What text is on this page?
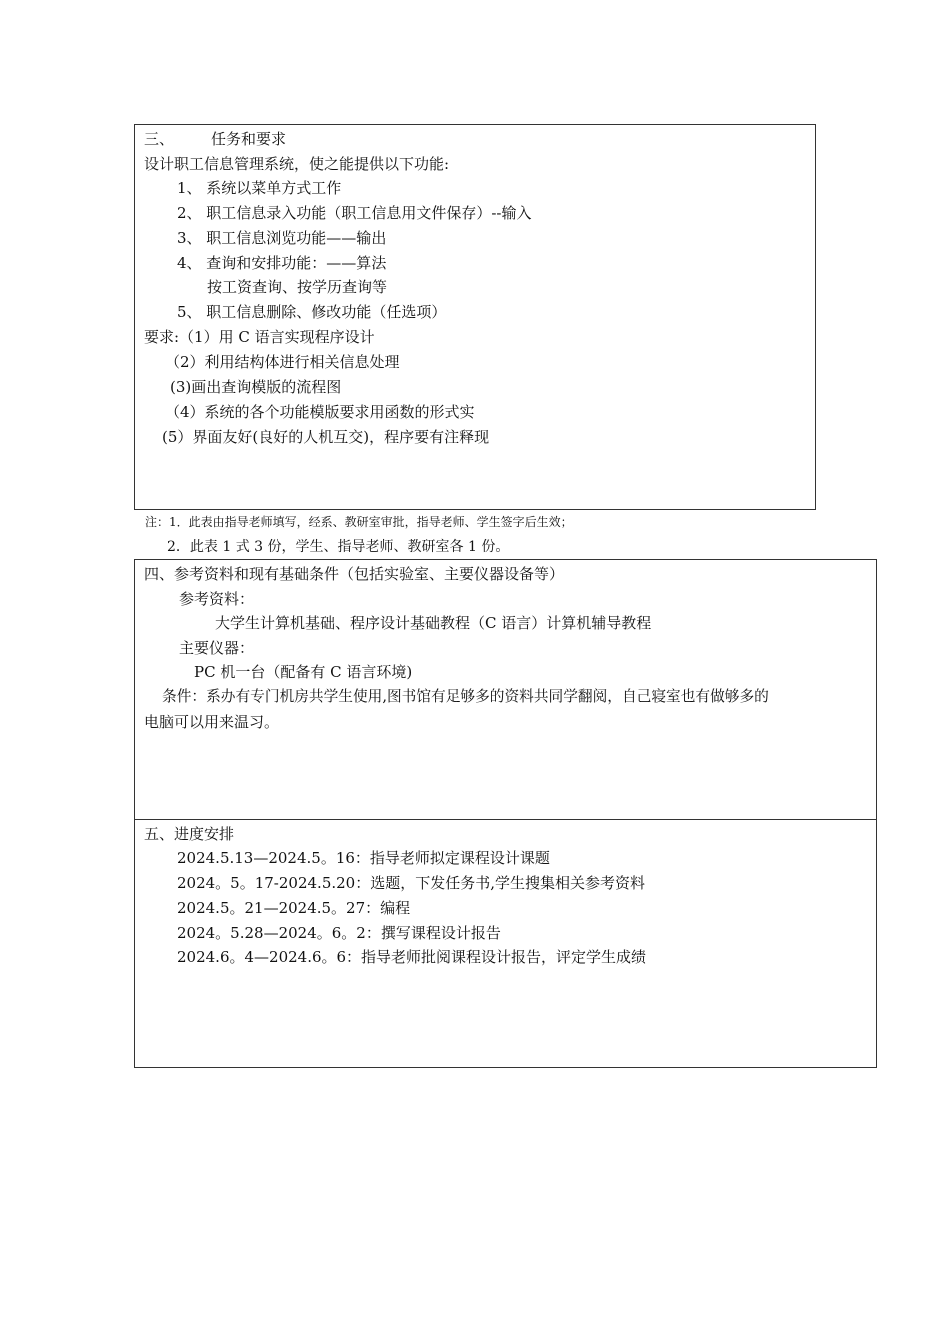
三、 任务和要求
设计职工信息管理系统，使之能提供以下功能:
1、 系统以菜单方式工作
2、 职工信息录入功能（职工信息用文件保存）--输入
3、 职工信息浏览功能——输出
4、 查询和安排功能：——算法
按工资查询、按学历查询等
5、 职工信息删除、修改功能（任选项）
要求:（1）用 C 语言实现程序设计
（2）利用结构体进行相关信息处理
(3)画出查询模版的流程图
（4）系统的各个功能模版要求用函数的形式实
(5）界面友好(良好的人机互交)，程序要有注释现
注：1．此表由指导老师填写，经系、教研室审批，指导老师、学生签字后生效；
2．此表 1 式 3 份，学生、指导老师、教研室各 1 份。
四、参考资料和现有基础条件（包括实验室、主要仪器设备等）
参考资料：
大学生计算机基础、程序设计基础教程（C 语言）计算机辅导教程
主要仪器：
PC 机一台（配备有 C 语言环境)
条件：系办有专门机房共学生使用,图书馆有足够多的资料共同学翻阅，自己寝室也有做够多的
电脑可以用来温习。
五、进度安排
2024.5.13—2024.5。16：指导老师拟定课程设计课题
2024。5。17-2024.5.20：选题，下发任务书,学生搜集相关参考资料
2024.5。21—2024.5。27：编程
2024。5.28—2024。6。2：撰写课程设计报告
2024.6。4—2024.6。6：指导老师批阅课程设计报告，评定学生成绩
